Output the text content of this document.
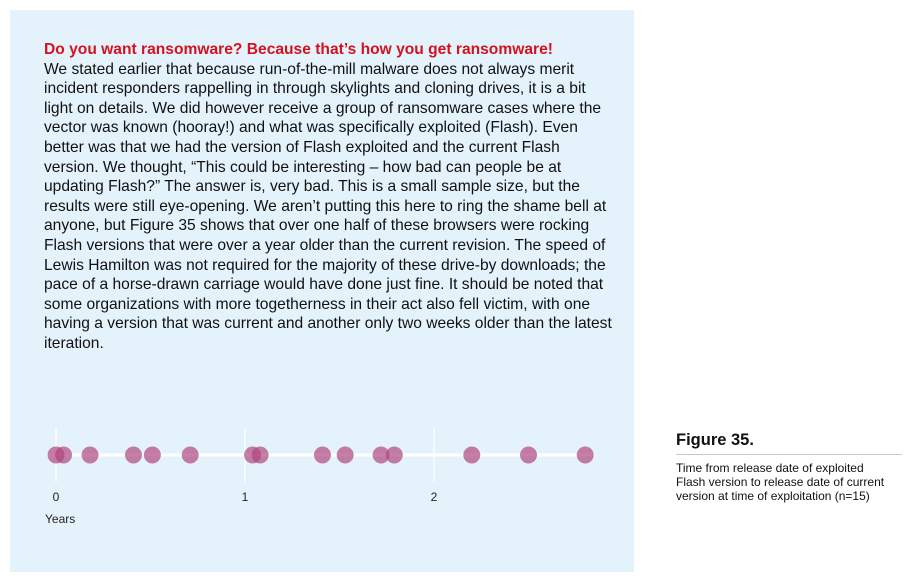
Do you want ransomware? Because that’s how you get ransomware!
We stated earlier that because run-of-the-mill malware does not always merit incident responders rappelling in through skylights and cloning drives, it is a bit light on details. We did however receive a group of ransomware cases where the vector was known (hooray!) and what was specifically exploited (Flash). Even better was that we had the version of Flash exploited and the current Flash version. We thought, “This could be interesting – how bad can people be at updating Flash?” The answer is, very bad. This is a small sample size, but the results were still eye-opening. We aren’t putting this here to ring the shame bell at anyone, but Figure 35 shows that over one half of these browsers were rocking Flash versions that were over a year older than the current revision. The speed of Lewis Hamilton was not required for the majority of these drive-by downloads; the pace of a horse-drawn carriage would have done just fine. It should be noted that some organizations with more togetherness in their act also fell victim, with one having a version that was current and another only two weeks older than the latest iteration.
0	1	2
Years
Figure 35.
Time from release date of exploited Flash version to release date of current version at time of exploitation (n=15)
